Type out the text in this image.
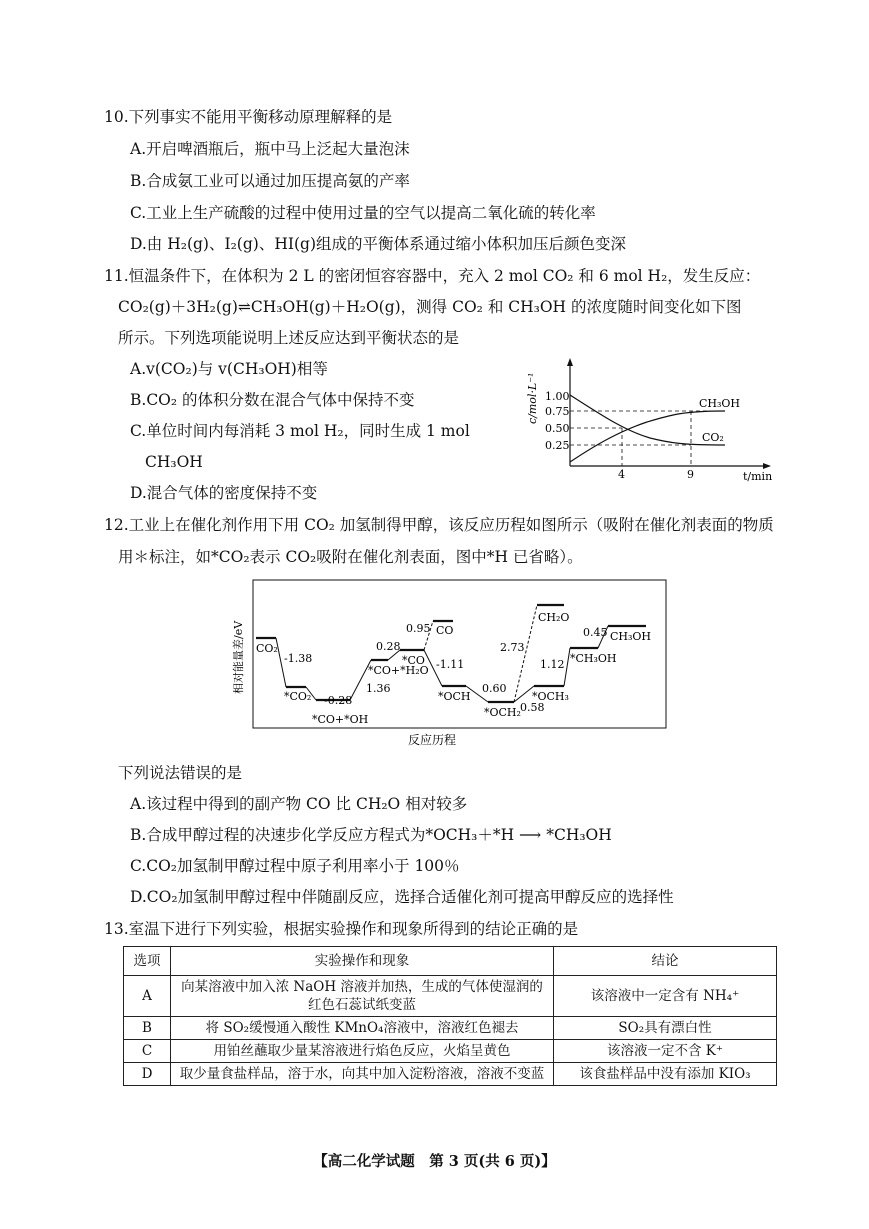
10.下列事实不能用平衡移动原理解释的是
A.开启啤酒瓶后，瓶中马上泛起大量泡沫
B.合成氨工业可以通过加压提高氨的产率
C.工业上生产硫酸的过程中使用过量的空气以提高二氧化硫的转化率
D.由 H₂(g)、I₂(g)、HI(g)组成的平衡体系通过缩小体积加压后颜色变深
11.恒温条件下，在体积为 2 L 的密闭恒容容器中，充入 2 mol CO₂ 和 6 mol H₂，发生反应：
CO₂(g)＋3H₂(g)⇌CH₃OH(g)＋H₂O(g)，测得 CO₂ 和 CH₃OH 的浓度随时间变化如下图
所示。下列选项能说明上述反应达到平衡状态的是
A.v(CO₂)与 v(CH₃OH)相等
B.CO₂ 的体积分数在混合气体中保持不变
C.单位时间内每消耗 3 mol H₂，同时生成 1 mol
CH₃OH
D.混合气体的密度保持不变
c/mol·L⁻¹
t/min
1.00
0.75
0.50
0.25
4	9
CH₃OH
CO₂
12.工业上在催化剂作用下用 CO₂ 加氢制得甲醇，该反应历程如图所示（吸附在催化剂表面的物质
用＊标注，如*CO₂表示 CO₂吸附在催化剂表面，图中*H 已省略）。
相对能量差/eV
反应历程
CO₂
*CO₂
*CO+*OH
*CO+*H₂O
*CO
CO
*OCH
*OCH₂
CH₂O
*OCH₃
*CH₃OH
CH₃OH
-1.38
-0.28
1.36
0.28
0.95
-1.11
0.60
2.73
0.58
1.12
0.45
下列说法错误的是
A.该过程中得到的副产物 CO 比 CH₂O 相对较多
B.合成甲醇过程的决速步化学反应方程式为*OCH₃＋*H ⟶ *CH₃OH
C.CO₂加氢制甲醇过程中原子利用率小于 100％
D.CO₂加氢制甲醇过程中伴随副反应，选择合适催化剂可提高甲醇反应的选择性
13.室温下进行下列实验，根据实验操作和现象所得到的结论正确的是
选项	实验操作和现象	结论
A	向某溶液中加入浓 NaOH 溶液并加热，生成的气体使湿润的
红色石蕊试纸变蓝	该溶液中一定含有 NH₄⁺
B	将 SO₂缓慢通入酸性 KMnO₄溶液中，溶液红色褪去	SO₂具有漂白性
C	用铂丝蘸取少量某溶液进行焰色反应，火焰呈黄色	该溶液一定不含 K⁺
D	取少量食盐样品，溶于水，向其中加入淀粉溶液，溶液不变蓝	该食盐样品中没有添加 KIO₃
【高二化学试题　第 3 页(共 6 页)】
